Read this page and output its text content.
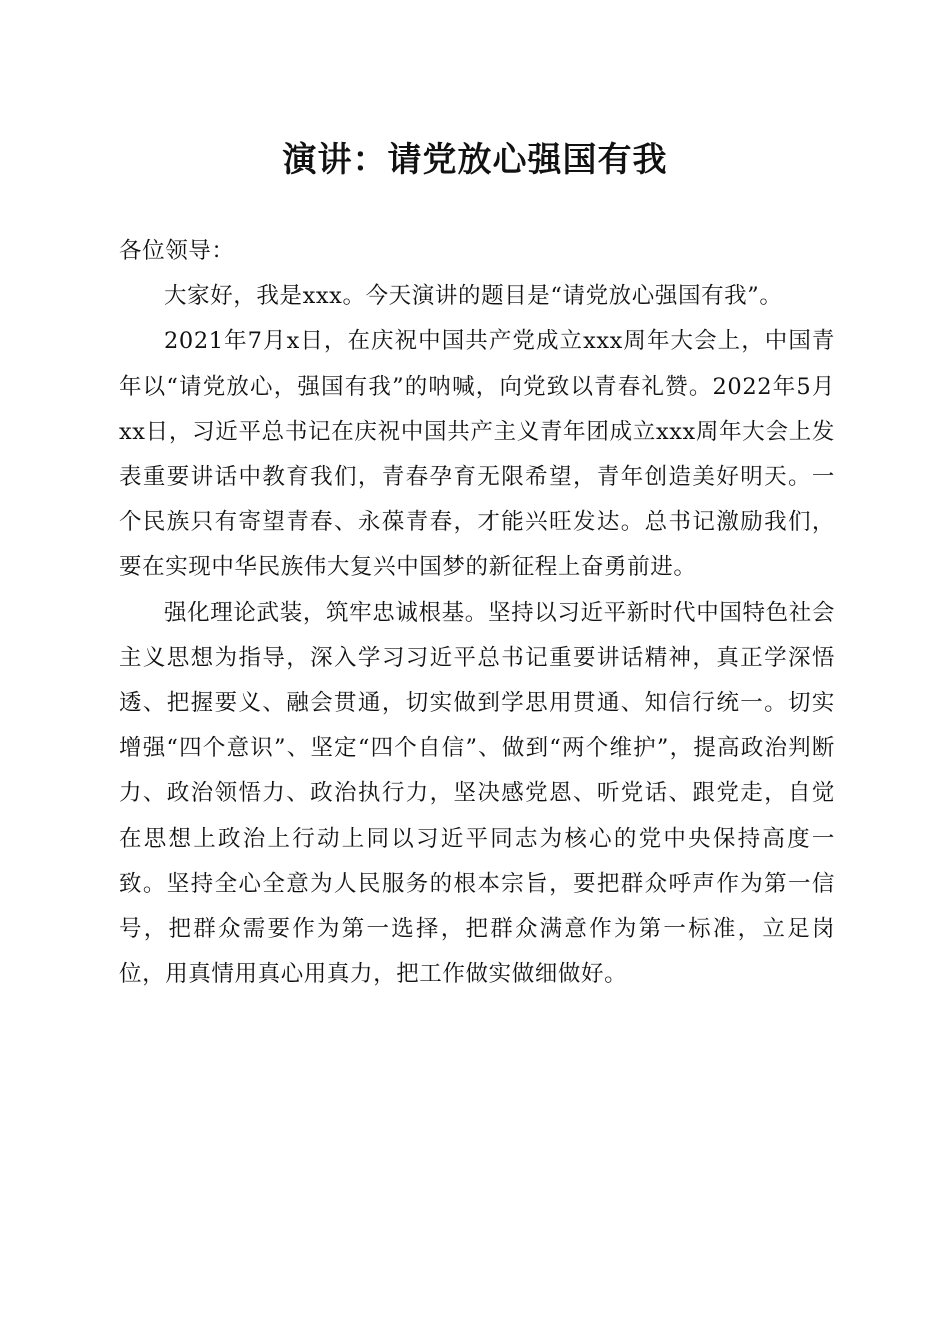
演讲：请党放心强国有我

各位领导：

大家好，我是xxx。今天演讲的题目是“请党放心强国有我”。

2021年7月x日，在庆祝中国共产党成立xxx周年大会上，中国青年以“请党放心，强国有我”的呐喊，向党致以青春礼赞。2022年5月xx日，习近平总书记在庆祝中国共产主义青年团成立xxx周年大会上发表重要讲话中教育我们，青春孕育无限希望，青年创造美好明天。一个民族只有寄望青春、永葆青春，才能兴旺发达。总书记激励我们，要在实现中华民族伟大复兴中国梦的新征程上奋勇前进。

强化理论武装，筑牢忠诚根基。坚持以习近平新时代中国特色社会主义思想为指导，深入学习习近平总书记重要讲话精神，真正学深悟透、把握要义、融会贯通，切实做到学思用贯通、知信行统一。切实增强“四个意识”、坚定“四个自信”、做到“两个维护”，提高政治判断力、政治领悟力、政治执行力，坚决感党恩、听党话、跟党走，自觉在思想上政治上行动上同以习近平同志为核心的党中央保持高度一致。坚持全心全意为人民服务的根本宗旨，要把群众呼声作为第一信号，把群众需要作为第一选择，把群众满意作为第一标准，立足岗位，用真情用真心用真力，把工作做实做细做好。
